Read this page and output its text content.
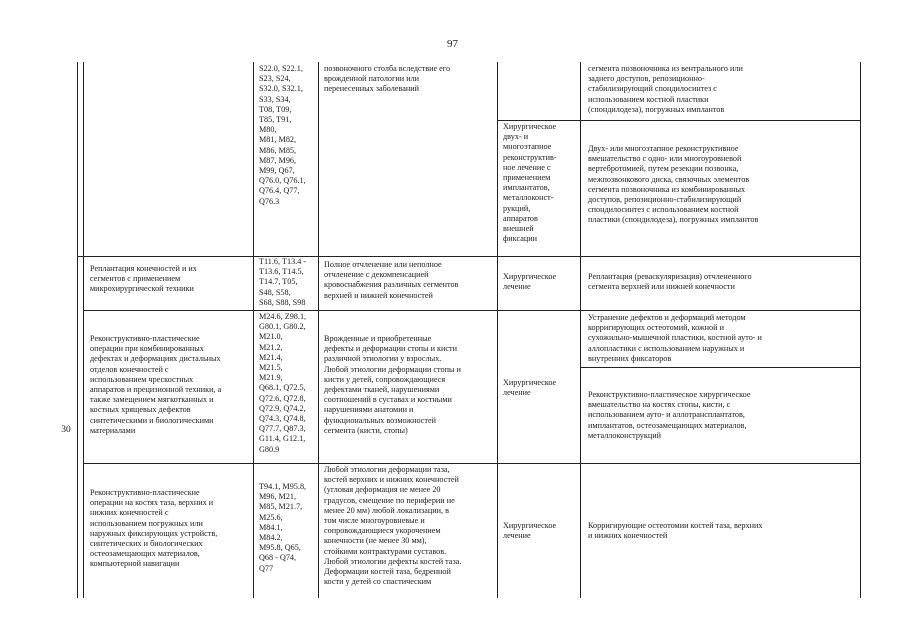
97
S22.0, S22.1,
S23, S24,
S32.0, S32.1,
S33, S34,
T08, T09,
T85, T91,
M80,
M81, M82,
M86, M85,
M87, M96,
M99, Q67,
Q76.0, Q76.1,
Q76.4, Q77,
Q76.3
позвоночного столба вследствие его
врожденной патологии или
перенесенных заболеваний
сегмента позвоночника из вентрального или
заднего доступов, репозиционно-
стабилизирующий спондилосинтез с
использованием костной пластики
(спондилодеза), погружных имплантов
Хирургическое
двух- и
многоэтапное
реконструктив-
ное лечение с
применением
имплантатов,
металлоконст-
рукций,
аппаратов
внешней
фиксации
Двух- или многоэтапное реконструктивное
вмешательство с одно- или многоуровневой
вертебротомией, путем резекции позвонка,
межпозвонкового диска, связочных элементов
сегмента позвоночника из комбинированных
доступов, репозиционно-стабилизирующий
спондилосинтез с использованием костной
пластики (спондилодеза), погружных имплантов
Реплантация конечностей и их
сегментов с применением
микрохирургической техники
T11.6, T13.4 -
T13.6, T14.5,
T14.7, T05,
S48, S58,
S68, S88, S98
Полное отчленение или неполное
отчленение с декомпенсацией
кровоснабжения различных сегментов
верхней и нижней конечностей
Хирургическое
лечение
Реплантация (реваскуляризация) отчлененного
сегмента верхней или нижней конечности
30
Реконструктивно-пластические
операции при комбинированных
дефектах и деформациях дистальных
отделов конечностей с
использованием чрескостных
аппаратов и прецизионной техники, а
также замещением мягкотканных и
костных хрящевых дефектов
синтетическими и биологическими
материалами
M24.6, Z98.1,
G80.1, G80.2,
M21.0,
M21.2,
M21.4,
M21.5,
M21.9,
Q68.1, Q72.5,
Q72.6, Q72.8,
Q72.9, Q74.2,
Q74.3, Q74.8,
Q77.7, Q87.3,
G11.4, G12.1,
G80.9
Врожденные и приобретенные
дефекты и деформации стопы и кисти
различной этиологии у взрослых.
Любой этиологии деформации стопы и
кисти у детей, сопровождающиеся
дефектами тканей, нарушениями
соотношений в суставах и костными
нарушениями анатомии и
функциональных возможностей
сегмента (кисти, стопы)
Хирургическое
лечение
Устранение дефектов и деформаций методом
корригирующих остеотомий, кожной и
сухожильно-мышечной пластики, костной ауто- и
аллопластики с использованием наружных и
внутренних фиксаторов
Реконструктивно-пластическое хирургическое
вмешательство на костях стопы, кисти, с
использованием ауто- и аллотрансплантатов,
имплантатов, остеозамещающих материалов,
металлоконструкций
Реконструктивно-пластические
операции на костях таза, верхних и
нижних конечностей с
использованием погружных или
наружных фиксирующих устройств,
синтетических и биологических
остеозамещающих материалов,
компьютерной навигации
T94.1, M95.8,
M96, M21,
M85, M21.7,
M25.6,
M84.1,
M84.2,
M95.8, Q65,
Q68 - Q74,
Q77
Любой этиологии деформации таза,
костей верхних и нижних конечностей
(угловая деформация не менее 20
градусов, смещение по периферии не
менее 20 мм) любой локализации, в
том числе многоуровневые и
сопровождающиеся укорочением
конечности (не менее 30 мм),
стойкими контрактурами суставов.
Любой этиологии дефекты костей таза.
Деформации костей таза, бедренной
кости у детей со спастическим
Хирургическое
лечение
Корригирующие остеотомии костей таза, верхних
и нижних конечностей
